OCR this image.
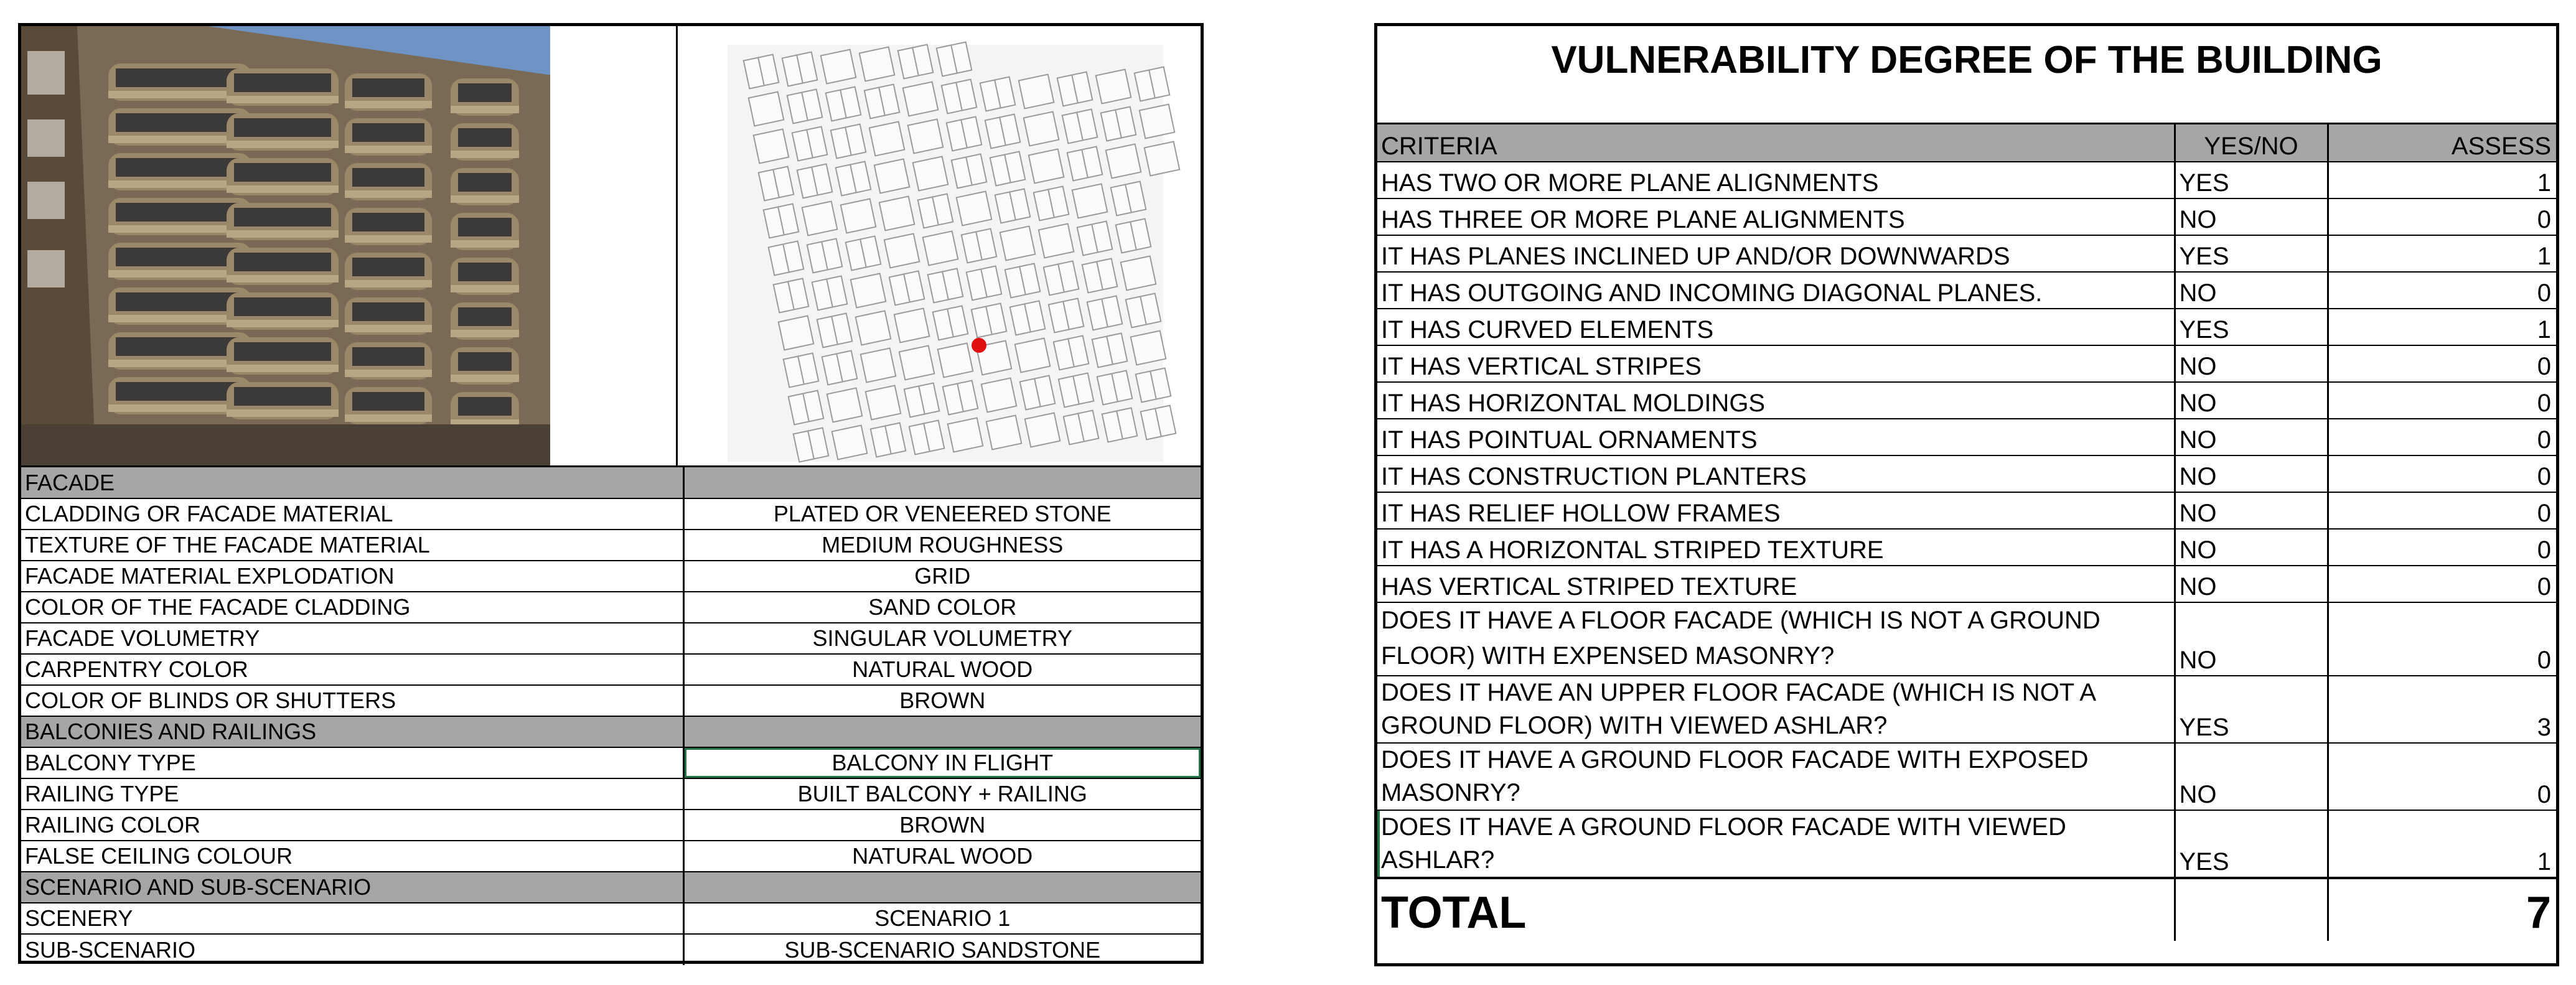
FACADE	
CLADDING OR FACADE MATERIAL	PLATED OR VENEERED STONE
TEXTURE OF THE FACADE MATERIAL	MEDIUM ROUGHNESS
FACADE MATERIAL EXPLODATION	GRID
COLOR OF THE FACADE CLADDING	SAND COLOR
FACADE VOLUMETRY	SINGULAR VOLUMETRY
CARPENTRY COLOR	NATURAL WOOD
COLOR OF BLINDS OR SHUTTERS	BROWN
BALCONIES AND RAILINGS	
BALCONY TYPE	BALCONY IN FLIGHT
RAILING TYPE	BUILT BALCONY + RAILING
RAILING COLOR	BROWN
FALSE CEILING COLOUR	NATURAL WOOD
SCENARIO AND SUB-SCENARIO	
SCENERY	SCENARIO 1
SUB-SCENARIO	SUB-SCENARIO SANDSTONE
VULNERABILITY DEGREE OF THE BUILDING
CRITERIA	YES/NO	ASSESS
HAS TWO OR MORE PLANE ALIGNMENTS	YES	1
HAS THREE OR MORE PLANE ALIGNMENTS	NO	0
IT HAS PLANES INCLINED UP AND/OR DOWNWARDS	YES	1
IT HAS OUTGOING AND INCOMING DIAGONAL PLANES.	NO	0
IT HAS CURVED ELEMENTS	YES	1
IT HAS VERTICAL STRIPES	NO	0
IT HAS HORIZONTAL MOLDINGS	NO	0
IT HAS POINTUAL ORNAMENTS	NO	0
IT HAS CONSTRUCTION PLANTERS	NO	0
IT HAS RELIEF HOLLOW FRAMES	NO	0
IT HAS A HORIZONTAL STRIPED TEXTURE	NO	0
HAS VERTICAL STRIPED TEXTURE	NO	0

DOES IT HAVE A FLOOR FACADE (WHICH IS NOT A GROUND
FLOOR) WITH EXPENSED MASONRY?	NO	0

DOES IT HAVE AN UPPER FLOOR FACADE (WHICH IS NOT A
GROUND FLOOR) WITH VIEWED ASHLAR?	YES	3

DOES IT HAVE A GROUND FLOOR FACADE WITH EXPOSED
MASONRY?	NO	0

DOES IT HAVE A GROUND FLOOR FACADE WITH VIEWED
ASHLAR?	YES	1
TOTAL		7
